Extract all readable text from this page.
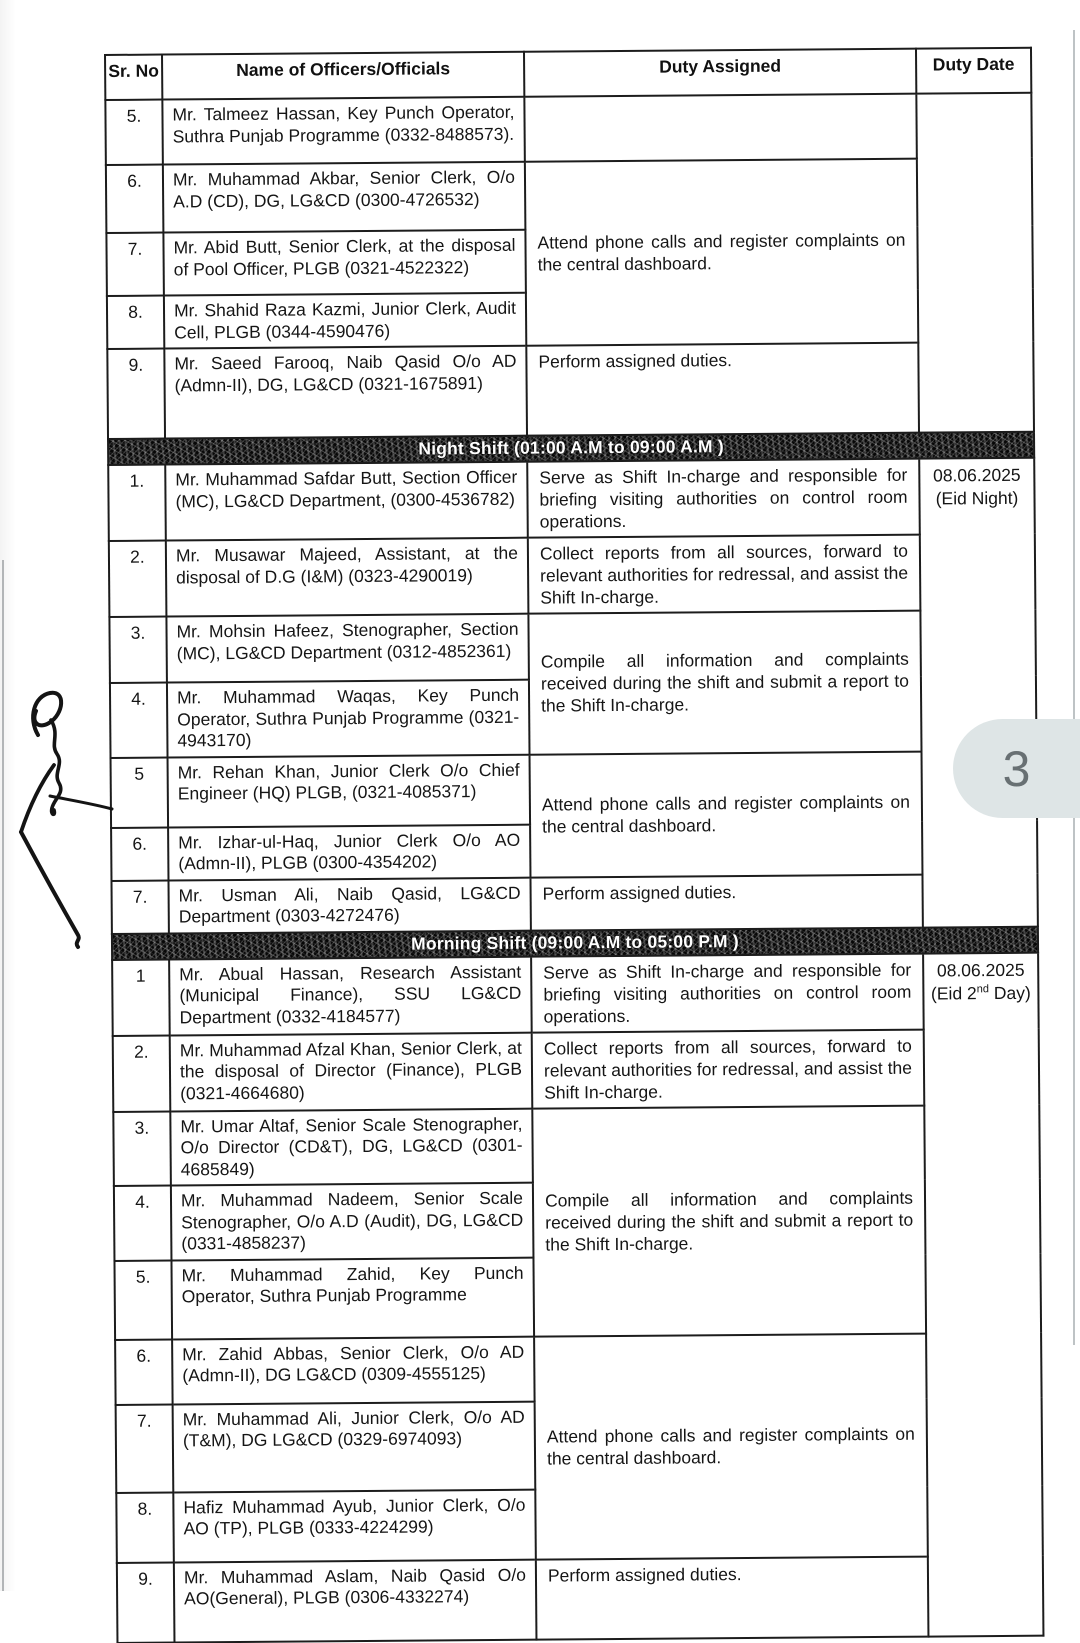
Sr. No	Name of Officers/Officials	Duty Assigned	Duty Date
5.	Mr. Talmeez Hassan, Key Punch Operator, Suthra Punjab Programme (0332-8488573).		
6.	Mr. Muhammad Akbar, Senior Clerk, O/o A.D (CD), DG, LG&CD (0300-4726532)	Attend phone calls and register complaints on the central dashboard.	
7.	Mr. Abid Butt, Senior Clerk, at the disposal of Pool Officer, PLGB (0321-4522322)		
8.	Mr. Shahid Raza Kazmi, Junior Clerk, Audit Cell, PLGB (0344-4590476)		
9.	Mr. Saeed Farooq, Naib Qasid O/o AD (Admn-II), DG, LG&CD (0321-1675891)	Perform assigned duties.	
Night Shift (01:00 A.M to 09:00 A.M )			
1.	Mr. Muhammad Safdar Butt, Section Officer (MC), LG&CD Department, (0300-4536782)	Serve as Shift In-charge and responsible for briefing visiting authorities on control room operations.	08.06.2025
(Eid Night)

2.	Mr. Musawar Majeed, Assistant, at the disposal of D.G (I&M) (0323-4290019)	Collect reports from all sources, forward to relevant authorities for redressal, and assist the Shift In-charge.	
3.	Mr. Mohsin Hafeez, Stenographer, Section (MC), LG&CD Department (0312-4852361)	Compile all information and complaints received during the shift and submit a report to the Shift In-charge.	
4.	Mr. Muhammad Waqas, Key Punch Operator, Suthra Punjab Programme (0321-4943170)		
5	Mr. Rehan Khan, Junior Clerk O/o Chief Engineer (HQ) PLGB, (0321-4085371)	Attend phone calls and register complaints on the central dashboard.	
6.	Mr. Izhar-ul-Haq, Junior Clerk O/o AO (Admn-II), PLGB (0300-4354202)		
7.	Mr. Usman Ali, Naib Qasid, LG&CD Department (0303-4272476)	Perform assigned duties.	
Morning Shift (09:00 A.M to 05:00 P.M )			
1	Mr. Abual Hassan, Research Assistant (Municipal Finance), SSU LG&CD Department (0332-4184577)	Serve as Shift In-charge and responsible for briefing visiting authorities on control room operations.	08.06.2025
(Eid 2nd Day)

2.	Mr. Muhammad Afzal Khan, Senior Clerk, at the disposal of Director (Finance), PLGB (0321-4664680)	Collect reports from all sources, forward to relevant authorities for redressal, and assist the Shift In-charge.	
3.	Mr. Umar Altaf, Senior Scale Stenographer, O/o Director (CD&T), DG, LG&CD (0301-4685849)	Compile all information and complaints received during the shift and submit a report to the Shift In-charge.	
4.	Mr. Muhammad Nadeem, Senior Scale Stenographer, O/o A.D (Audit), DG, LG&CD (0331-4858237)		
5.	Mr. Muhammad Zahid, Key Punch Operator, Suthra Punjab Programme		
6.	Mr. Zahid Abbas, Senior Clerk, O/o AD (Admn-II), DG LG&CD (0309-4555125)	Attend phone calls and register complaints on the central dashboard.	
7.	Mr. Muhammad Ali, Junior Clerk, O/o AD (T&M), DG LG&CD (0329-6974093)		
8.	Hafiz Muhammad Ayub, Junior Clerk, O/o AO (TP), PLGB (0333-4224299)		
9.	Mr. Muhammad Aslam, Naib Qasid O/o AO(General), PLGB (0306-4332274)	Perform assigned duties.	
3
